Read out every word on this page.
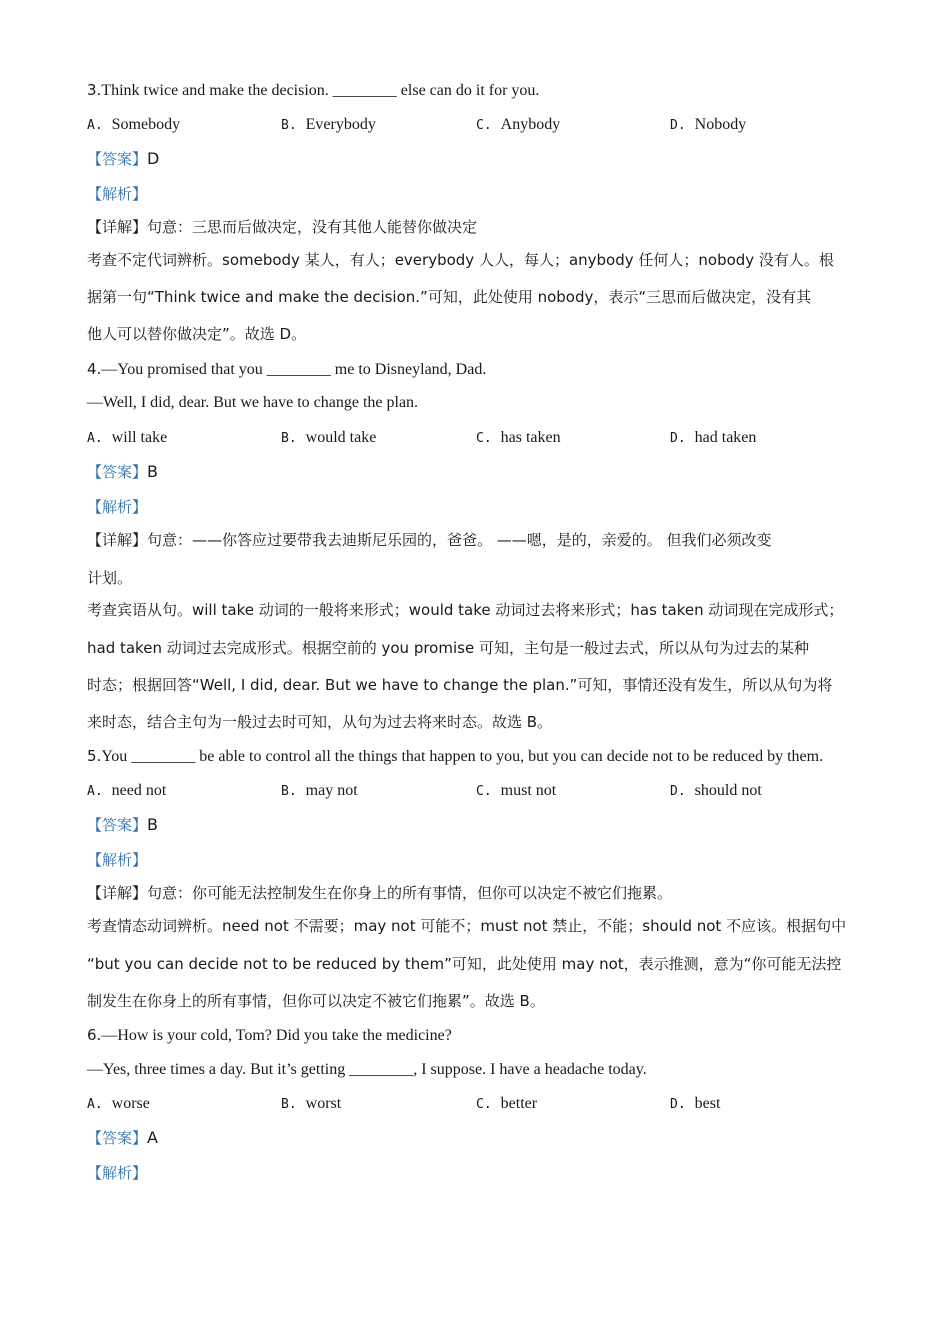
3.Think twice and make the decision. ________ else can do it for you.
A. Somebody	B. Everybody	C. Anybody	D. Nobody
【答案】D
【解析】
【详解】句意：三思而后做决定，没有其他人能替你做决定
考查不定代词辨析。somebody 某人，有人；everybody 人人，每人；anybody 任何人；nobody 没有人。根
据第一句“Think twice and make the decision.”可知，此处使用 nobody，表示“三思而后做决定，没有其
他人可以替你做决定”。故选 D。
4.—You promised that you ________ me to Disneyland, Dad.
—Well, I did, dear. But we have to change the plan.
A. will take	B. would take	C. has taken	D. had taken
【答案】B
【解析】
【详解】句意：——你答应过要带我去迪斯尼乐园的，爸爸。 ——嗯，是的，亲爱的。 但我们必须改变
计划。
考查宾语从句。will take 动词的一般将来形式；would take 动词过去将来形式；has taken 动词现在完成形式；
had taken 动词过去完成形式。根据空前的 you promise 可知，主句是一般过去式，所以从句为过去的某种
时态；根据回答“Well, I did, dear. But we have to change the plan.”可知，事情还没有发生，所以从句为将
来时态，结合主句为一般过去时可知，从句为过去将来时态。故选 B。
5.You ________ be able to control all the things that happen to you, but you can decide not to be reduced by them.
A. need not	B. may not	C. must not	D. should not
【答案】B
【解析】
【详解】句意：你可能无法控制发生在你身上的所有事情，但你可以决定不被它们拖累。
考查情态动词辨析。need not 不需要；may not 可能不；must not 禁止，不能；should not 不应该。根据句中
“but you can decide not to be reduced by them”可知，此处使用 may not，表示推测，意为“你可能无法控
制发生在你身上的所有事情，但你可以决定不被它们拖累”。故选 B。
6.—How is your cold, Tom? Did you take the medicine?
—Yes, three times a day. But it’s getting ________, I suppose. I have a headache today.
A. worse	B. worst	C. better	D. best
【答案】A
【解析】
